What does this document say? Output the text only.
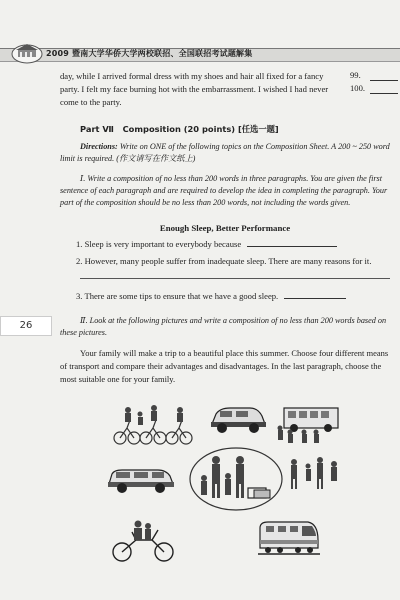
2009 暨南大学华侨大学两校联招、全国联招考试题解集

day, while I arrived formal dress with my shoes and hair all fixed for a fancy	99.

party. I felt my face burning hot with the embarrassment. I wished I had never	100.

come to the party.

Part Ⅶ Composition (20 points) [任选一题]

Directions: Write on ONE of the following topics on the Composition Sheet. A 200 ~ 250 word limit is required. (作文请写在作文纸上)

Ⅰ. Write a composition of no less than 200 words in three paragraphs. You are given the first sentence of each paragraph and are required to develop the idea in completing the paragraph. Your part of the composition should be no less than 200 words, not including the words given.

Enough Sleep, Better Performance
1. Sleep is very important to everybody because
2. However, many people suffer from inadequate sleep. There are many reasons for it.
3. There are some tips to ensure that we have a good sleep.

Ⅱ. Look at the following pictures and write a composition of no less than 200 words based on these pictures.

Your family will make a trip to a beautiful place this summer. Choose four different means of transport and compare their advantages and disadvantages. In the last paragraph, choose the most suitable one for your family.

26
